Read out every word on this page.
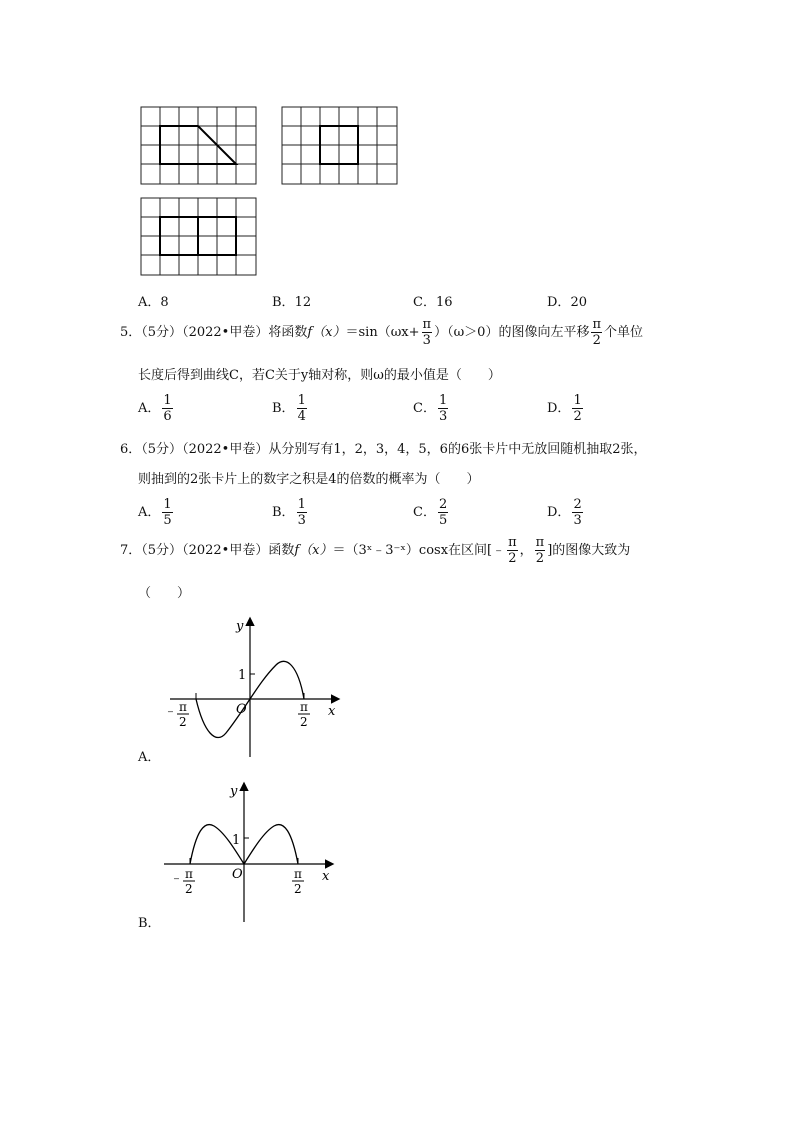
A．8	B．12	C．16	D．20
5．（5分）（2022•甲卷）将函数$f(x)=\sin(\omega x+ \frac{\pi}{3} )(\omega>0)$的图像向左平移 $\frac{\pi}{2}$ 个单位
长度后得到曲线C，若C关于y轴对称，则ω的最小值是（　　）
A． $\frac{1}{6}$	B． $\frac{1}{4}$	C． $\frac{1}{3}$	D． $\frac{1}{2}$
6．（5分）（2022•甲卷）从分别写有1，2，3，4，5，6的6张卡片中无放回随机抽取2张，
则抽到的2张卡片上的数字之积是4的倍数的概率为（　　）
A． $\frac{1}{5}$	B． $\frac{1}{3}$	C． $\frac{2}{5}$	D． $\frac{2}{3}$
7．（5分）（2022•甲卷）函数f（x）＝（3ˣ﹣3⁻ˣ）cosx在区间[﹣ $\frac{\pi}{2}$ ， $\frac{\pi}{2}$ ]的图像大致为
（　　）
y
x
O
1
﹣ π
2
π
2
A．
y
x
O
1
﹣ π
2
π
2
B．
